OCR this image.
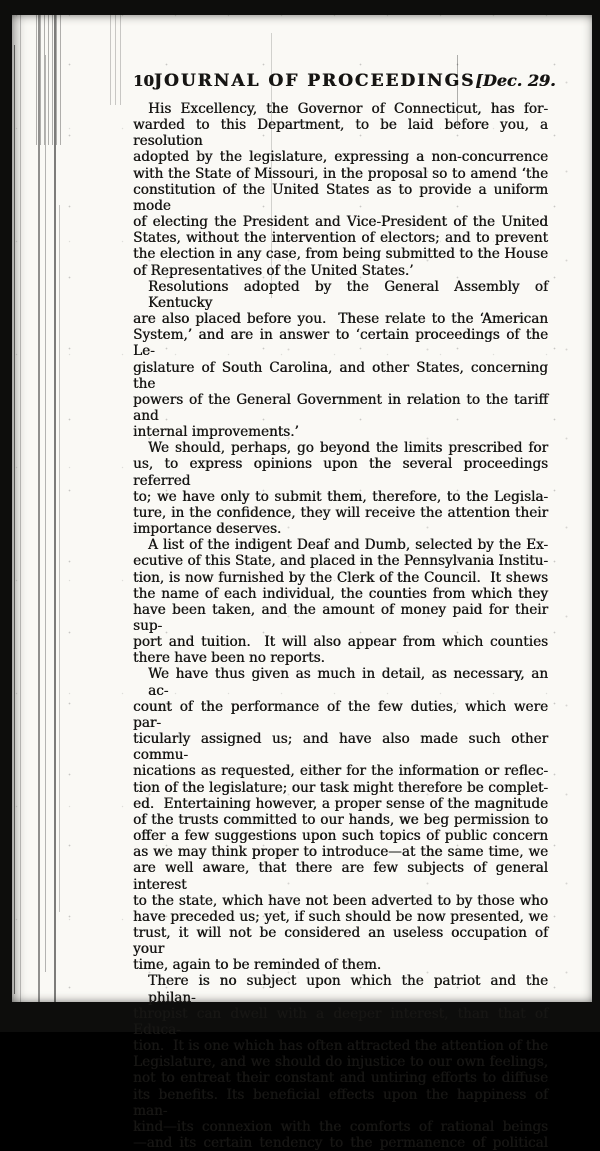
10 JOURNAL OF PROCEEDINGS [Dec. 29.
His Excellency, the Governor of Connecticut, has for-
warded to this Department, to be laid before you, a resolution
adopted by the legislature, expressing a non-concurrence
with the State of Missouri, in the proposal so to amend ‘the
constitution of the United States as to provide a uniform mode
of electing the President and Vice-President of the United
States, without the intervention of electors; and to prevent
the election in any case, from being submitted to the House
of Representatives of the United States.’
Resolutions adopted by the General Assembly of Kentucky
are also placed before you.  These relate to the ‘American
System,’ and are in answer to ‘certain proceedings of the Le-
gislature of South Carolina, and other States, concerning the
powers of the General Government in relation to the tariff and
internal improvements.’
We should, perhaps, go beyond the limits prescribed for
us, to express opinions upon the several proceedings referred
to; we have only to submit them, therefore, to the Legisla-
ture, in the confidence, they will receive the attention their
importance deserves.
A list of the indigent Deaf and Dumb, selected by the Ex-
ecutive of this State, and placed in the Pennsylvania Institu-
tion, is now furnished by the Clerk of the Council.  It shews
the name of each individual, the counties from which they
have been taken, and the amount of money paid for their sup-
port and tuition.  It will also appear from which counties
there have been no reports.
We have thus given as much in detail, as necessary, an ac-
count of the performance of the few duties, which were par-
ticularly assigned us; and have also made such other commu-
nications as requested, either for the information or reflec-
tion of the legislature; our task might therefore be complet-
ed.  Entertaining however, a proper sense of the magnitude
of the trusts committed to our hands, we beg permission to
offer a few suggestions upon such topics of public concern
as we may think proper to introduce—at the same time, we
are well aware, that there are few subjects of general interest
to the state, which have not been adverted to by those who
have preceded us; yet, if such should be now presented, we
trust, it will not be considered an useless occupation of your
time, again to be reminded of them.
There is no subject upon which the patriot and the philan-
thropist can dwell with a deeper interest, than that of Educa-
tion.  It is one which has often attracted the attention of the
Legislature, and we should do injustice to our own feelings,
not to entreat their constant and untiring efforts to diffuse
its benefits. Its beneficial effects upon the happiness of man-
kind—its connexion with the comforts of rational beings
—and its certain tendency to the permanence of political
